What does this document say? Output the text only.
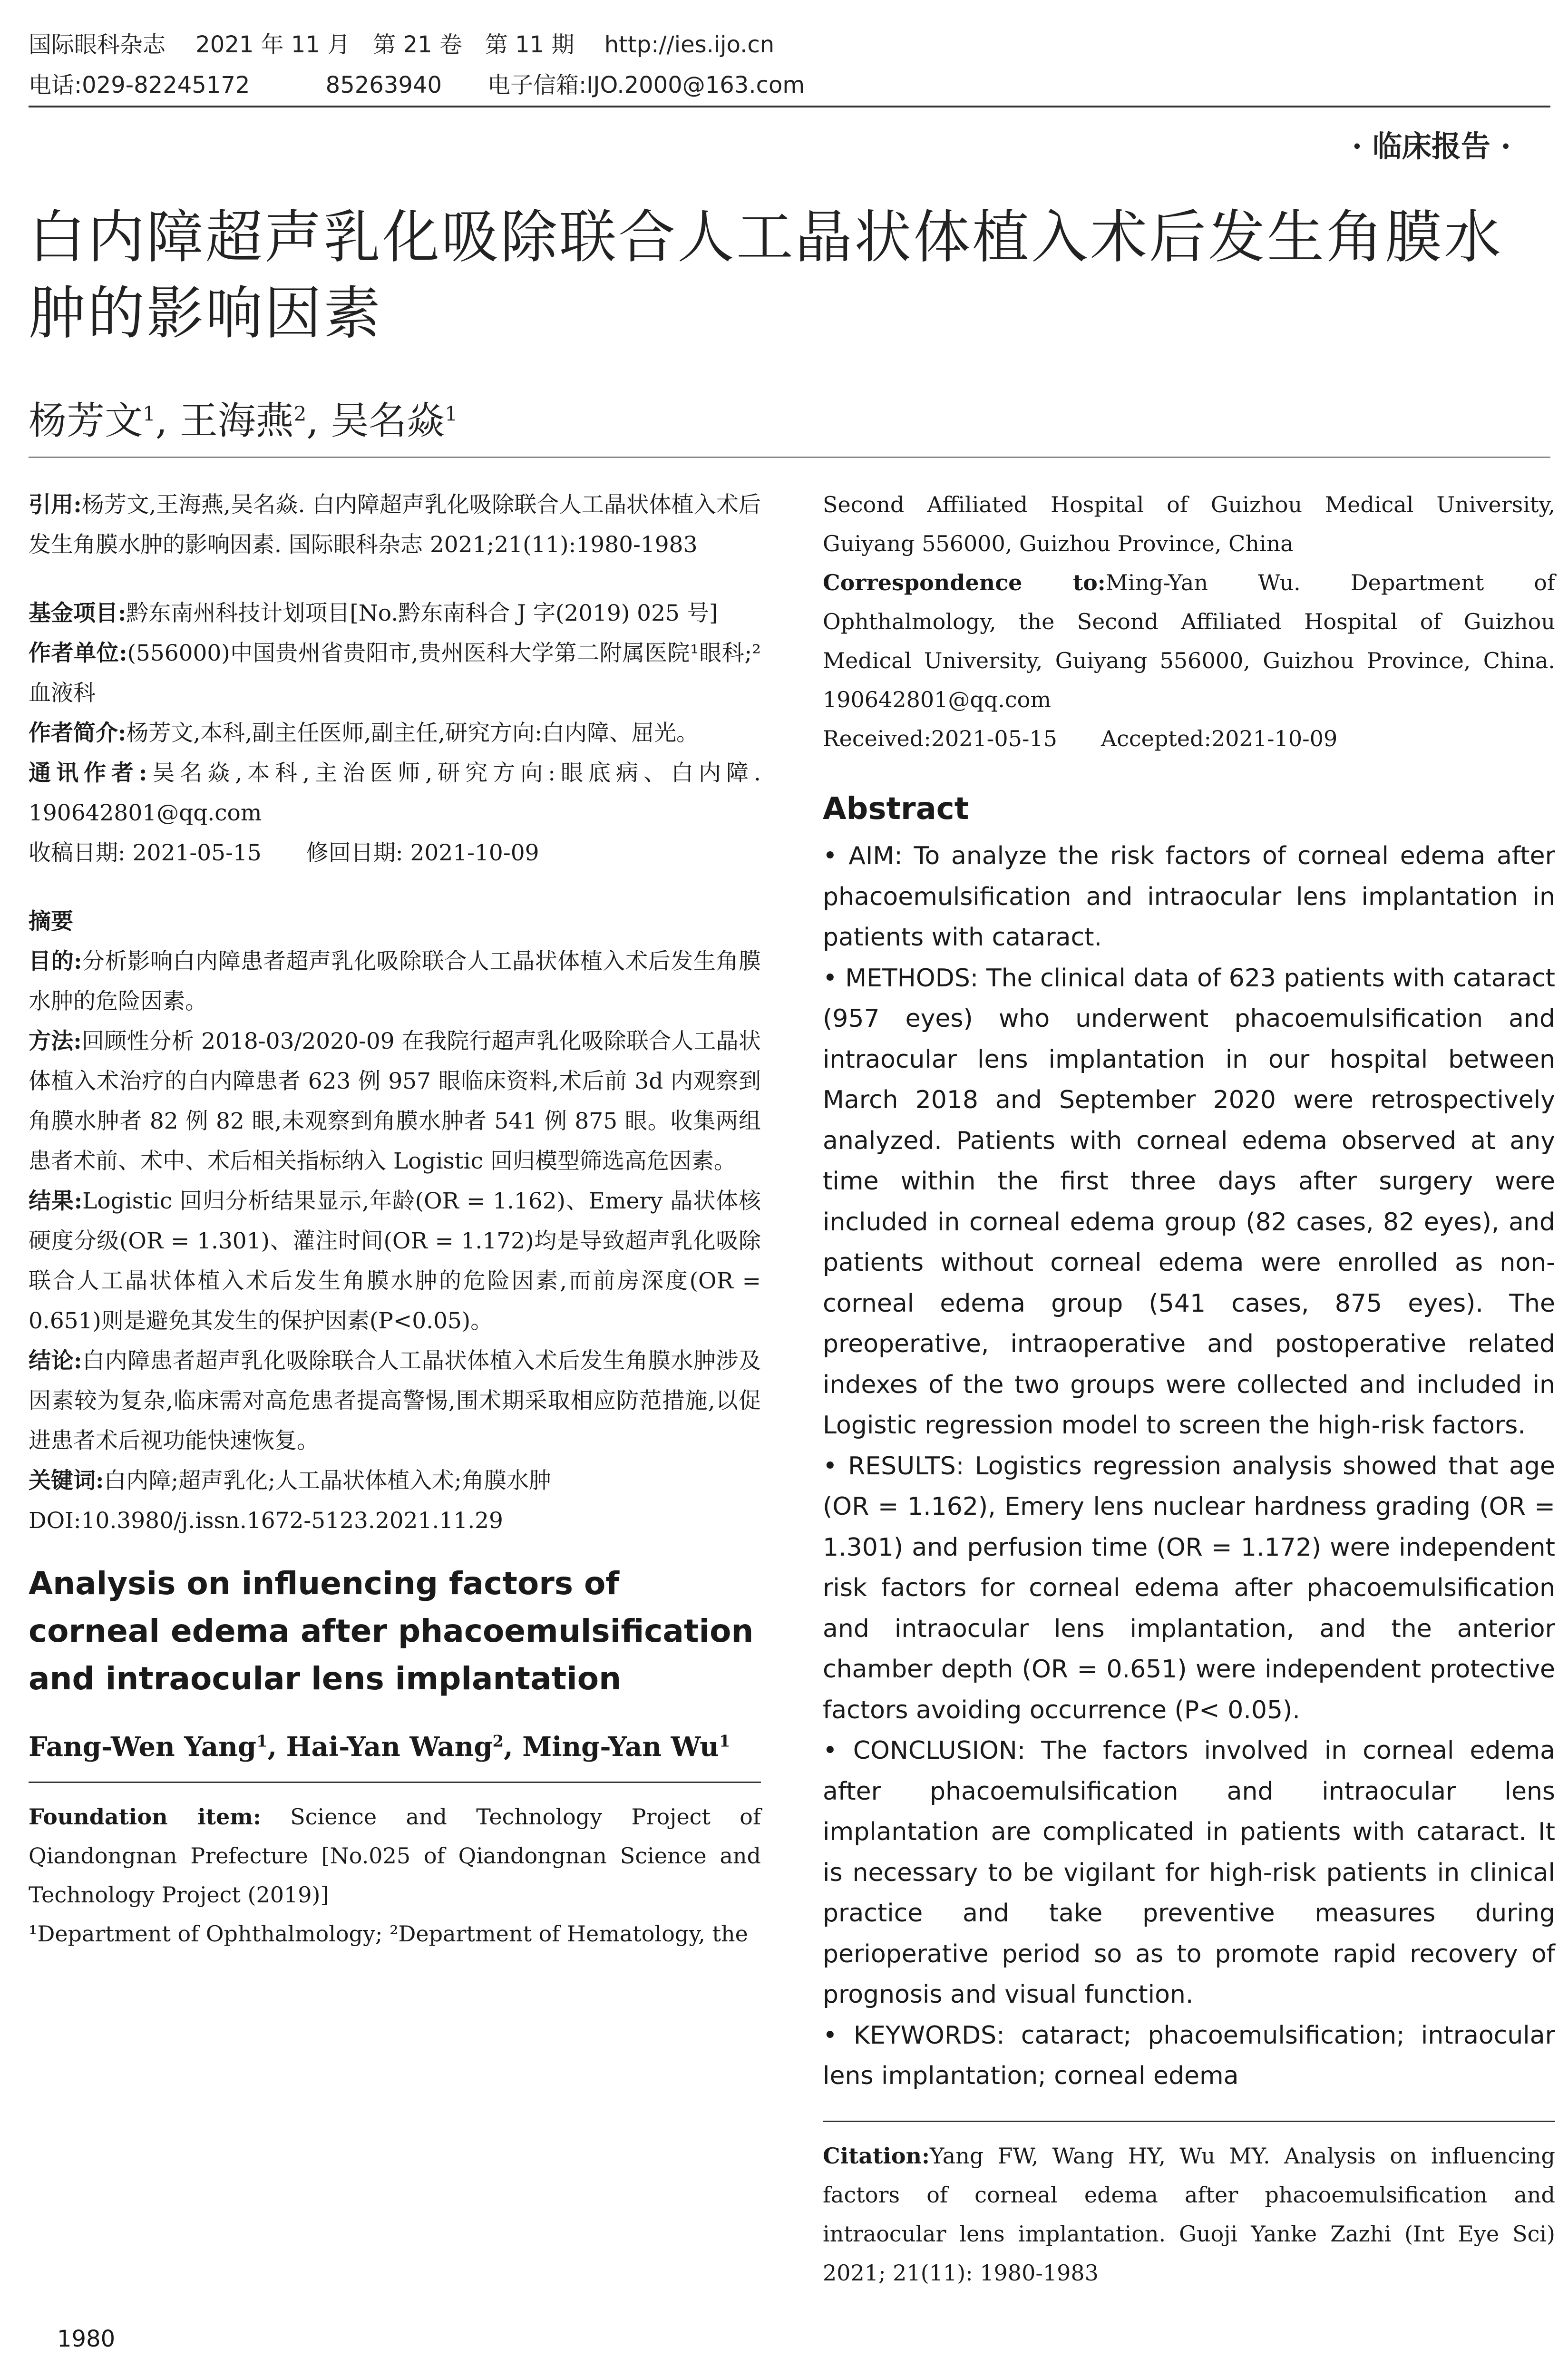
国际眼科杂志　 2021 年 11 月　第 21 卷　第 11 期　 http://ies.ijo.cn
电话:029-82245172　　　 85263940　　电子信箱:IJO.2000@163.com
· 临床报告 ·
白内障超声乳化吸除联合人工晶状体植入术后发生角膜水肿的影响因素
杨芳文$^1$, 王海燕$^2$, 吴名焱$^1$

引用:杨芳文,王海燕,吴名焱. 白内障超声乳化吸除联合人工晶状体植入术后发生角膜水肿的影响因素. 国际眼科杂志 2021;21(11):1980-1983

基金项目:黔东南州科技计划项目[No.黔东南科合 J 字(2019) 025 号]

作者单位:(556000)中国贵州省贵阳市,贵州医科大学第二附属医院¹眼科;²血液科

作者简介:杨芳文,本科,副主任医师,副主任,研究方向:白内障、屈光。

通讯作者:吴名焱,本科,主治医师,研究方向:眼底病、白内障. 190642801@qq.com

收稿日期: 2021-05-15　　修回日期: 2021-10-09

摘要

目的:分析影响白内障患者超声乳化吸除联合人工晶状体植入术后发生角膜水肿的危险因素。

方法:回顾性分析 2018-03/2020-09 在我院行超声乳化吸除联合人工晶状体植入术治疗的白内障患者 623 例 957 眼临床资料,术后前 3d 内观察到角膜水肿者 82 例 82 眼,未观察到角膜水肿者 541 例 875 眼。收集两组患者术前、术中、术后相关指标纳入 Logistic 回归模型筛选高危因素。

结果:Logistic 回归分析结果显示,年龄(OR = 1.162)、Emery 晶状体核硬度分级(OR = 1.301)、灌注时间(OR = 1.172)均是导致超声乳化吸除联合人工晶状体植入术后发生角膜水肿的危险因素,而前房深度(OR = 0.651)则是避免其发生的保护因素(P<0.05)。

结论:白内障患者超声乳化吸除联合人工晶状体植入术后发生角膜水肿涉及因素较为复杂,临床需对高危患者提高警惕,围术期采取相应防范措施,以促进患者术后视功能快速恢复。

关键词:白内障;超声乳化;人工晶状体植入术;角膜水肿

DOI:10.3980/j.issn.1672-5123.2021.11.29

Analysis on influencing factors of corneal edema after phacoemulsification and intraocular lens implantation
Fang-Wen Yang$^1$, Hai-Yan Wang$^2$, Ming-Yan Wu$^1$

Foundation item: Science and Technology Project of Qiandongnan Prefecture [No.025 of Qiandongnan Science and Technology Project (2019)]

¹Department of Ophthalmology; ²Department of Hematology, the

Second Affiliated Hospital of Guizhou Medical University, Guiyang 556000, Guizhou Province, China

Correspondence to:Ming-Yan Wu. Department of Ophthalmology, the Second Affiliated Hospital of Guizhou Medical University, Guiyang 556000, Guizhou Province, China. 190642801@qq.com

Received:2021-05-15　　Accepted:2021-10-09

Abstract

• AIM: To analyze the risk factors of corneal edema after phacoemulsification and intraocular lens implantation in patients with cataract.

• METHODS: The clinical data of 623 patients with cataract (957 eyes) who underwent phacoemulsification and intraocular lens implantation in our hospital between March 2018 and September 2020 were retrospectively analyzed. Patients with corneal edema observed at any time within the first three days after surgery were included in corneal edema group (82 cases, 82 eyes), and patients without corneal edema were enrolled as non-corneal edema group (541 cases, 875 eyes). The preoperative, intraoperative and postoperative related indexes of the two groups were collected and included in Logistic regression model to screen the high-risk factors.

• RESULTS: Logistics regression analysis showed that age (OR = 1.162), Emery lens nuclear hardness grading (OR = 1.301) and perfusion time (OR = 1.172) were independent risk factors for corneal edema after phacoemulsification and intraocular lens implantation, and the anterior chamber depth (OR = 0.651) were independent protective factors avoiding occurrence (P< 0.05).

• CONCLUSION: The factors involved in corneal edema after phacoemulsification and intraocular lens implantation are complicated in patients with cataract. It is necessary to be vigilant for high-risk patients in clinical practice and take preventive measures during perioperative period so as to promote rapid recovery of prognosis and visual function.

• KEYWORDS: cataract; phacoemulsification; intraocular lens implantation; corneal edema

Citation:Yang FW, Wang HY, Wu MY. Analysis on influencing factors of corneal edema after phacoemulsification and intraocular lens implantation. Guoji Yanke Zazhi (Int Eye Sci) 2021; 21(11): 1980-1983

1980
